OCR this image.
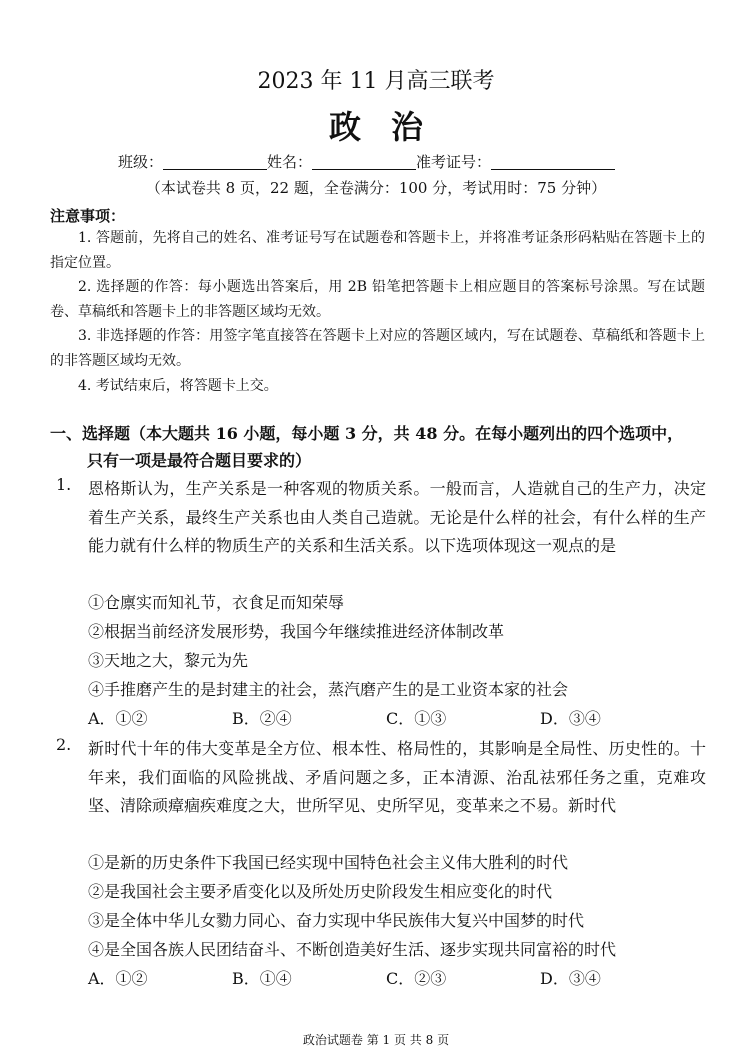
2023 年 11 月高三联考
政治
班级：	姓名：	准考证号：
（本试卷共 8 页，22 题，全卷满分：100 分，考试用时：75 分钟）
注意事项：
1. 答题前，先将自己的姓名、准考证号写在试题卷和答题卡上，并将准考证条形码粘贴在答题卡上的指定位置。
2. 选择题的作答：每小题选出答案后，用 2B 铅笔把答题卡上相应题目的答案标号涂黑。写在试题卷、草稿纸和答题卡上的非答题区域均无效。
3. 非选择题的作答：用签字笔直接答在答题卡上对应的答题区域内，写在试题卷、草稿纸和答题卡上的非答题区域均无效。
4. 考试结束后，将答题卡上交。
一、选择题（本大题共 16 小题，每小题 3 分，共 48 分。在每小题列出的四个选项中，
只有一项是最符合题目要求的）
1. 恩格斯认为，生产关系是一种客观的物质关系。一般而言，人造就自己的生产力，决定着生产关系，最终生产关系也由人类自己造就。无论是什么样的社会，有什么样的生产能力就有什么样的物质生产的关系和生活关系。以下选项体现这一观点的是
①仓廪实而知礼节，衣食足而知荣辱
②根据当前经济发展形势，我国今年继续推进经济体制改革
③天地之大，黎元为先
④手推磨产生的是封建主的社会，蒸汽磨产生的是工业资本家的社会
A．①②	B．②④	C．①③	D．③④
2. 新时代十年的伟大变革是全方位、根本性、格局性的，其影响是全局性、历史性的。十年来，我们面临的风险挑战、矛盾问题之多，正本清源、治乱祛邪任务之重，克难攻坚、清除顽瘴痼疾难度之大，世所罕见、史所罕见，变革来之不易。新时代
①是新的历史条件下我国已经实现中国特色社会主义伟大胜利的时代
②是我国社会主要矛盾变化以及所处历史阶段发生相应变化的时代
③是全体中华儿女勠力同心、奋力实现中华民族伟大复兴中国梦的时代
④是全国各族人民团结奋斗、不断创造美好生活、逐步实现共同富裕的时代
A．①②	B．①④	C．②③	D．③④
政治试题卷 第 1 页 共 8 页
